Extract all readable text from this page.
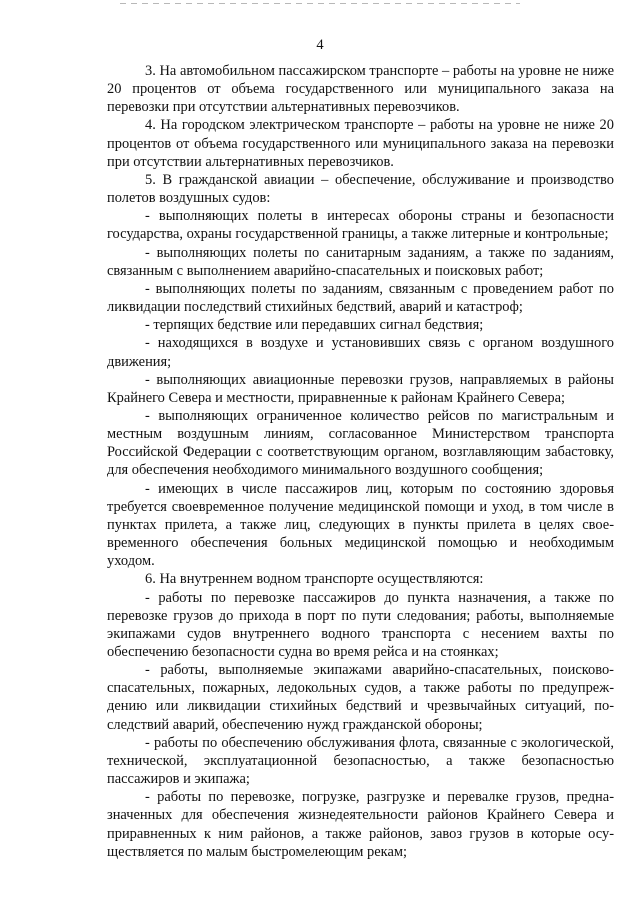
4

3. На автомобильном пассажирском транспорте – работы на уровне не ниже 20 процентов от объема государственного или муниципального заказа на перевозки при отсутствии альтернативных перевозчиков.

4. На городском электрическом транспорте – работы на уровне не ниже 20 процентов от объема государственного или муниципального заказа на перевозки при отсутствии альтернативных перевозчиков.

5. В гражданской авиации – обеспечение, обслуживание и производство полетов воздушных судов:

- выполняющих полеты в интересах обороны страны и безопасности государства, охраны государственной границы, а также литерные и контрольные;

- выполняющих полеты по санитарным заданиям, а также по заданиям, связанным с выполнением аварийно-спасательных и поисковых работ;

- выполняющих полеты по заданиям, связанным с проведением работ по ликвидации последствий стихийных бедствий, аварий и катастроф;

- терпящих бедствие или передавших сигнал бедствия;

- находящихся в воздухе и установивших связь с органом воздушного движения;

- выполняющих авиационные перевозки грузов, направляемых в районы Крайнего Севера и местности, приравненные к районам Крайнего Севера;

- выполняющих ограниченное количество рейсов по магистральным и местным воздушным линиям, согласованное Министерством транспорта Российской Федерации с соответствующим органом, возглавляющим забастовку, для обеспечения необходимого минимального воздушного сообщения;

- имеющих в числе пассажиров лиц, которым по состоянию здоровья требуется своевременное получение медицинской помощи и уход, в том числе в пунктах прилета, а также лиц, следующих в пункты прилета в целях своевременного обеспечения больных медицинской помощью и необходимым уходом.

6. На внутреннем водном транспорте осуществляются:

- работы по перевозке пассажиров до пункта назначения, а также по перевозке грузов до прихода в порт по пути следования; работы, выполняемые экипажами судов внутреннего водного транспорта с несением вахты по обеспечению безопасности судна во время рейса и на стоянках;

- работы, выполняемые экипажами аварийно-спасательных, поисково-спасательных, пожарных, ледокольных судов, а также работы по предупреждению или ликвидации стихийных бедствий и чрезвычайных ситуаций, последствий аварий, обеспечению нужд гражданской обороны;

- работы по обеспечению обслуживания флота, связанные с экологической, технической, эксплуатационной безопасностью, а также безопасностью пассажиров и экипажа;

- работы по перевозке, погрузке, разгрузке и перевалке грузов, предназначенных для обеспечения жизнедеятельности районов Крайнего Севера и приравненных к ним районов, а также районов, завоз грузов в которые осуществляется по малым быстромелеющим рекам;
